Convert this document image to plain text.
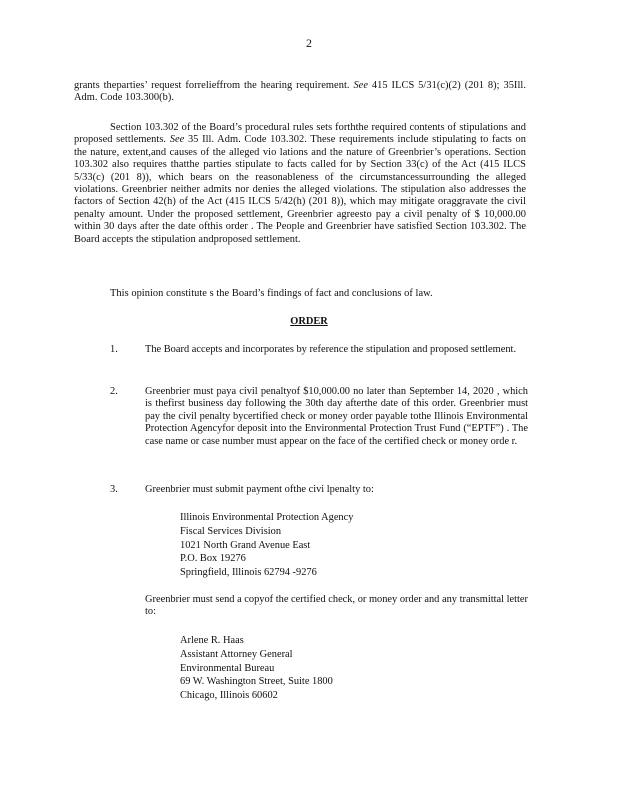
2
grants theparties’ request forrelieffrom the hearing requirement. See 415 ILCS 5/31(c)(2) (201 8); 35Ill. Adm. Code 103.300(b).
Section 103.302 of the Board’s procedural rules sets forththe required contents of stipulations and proposed settlements. See 35 Ill. Adm. Code 103.302. These requirements include stipulating to facts on the nature, extent,and causes of the alleged vio lations and the nature of Greenbrier’s operations. Section 103.302 also requires thatthe parties stipulate to facts called for by Section 33(c) of the Act (415 ILCS 5/33(c) (201 8)), which bears on the reasonableness of the circumstancessurrounding the alleged violations. Greenbrier neither admits nor denies the alleged violations. The stipulation also addresses the factors of Section 42(h) of the Act (415 ILCS 5/42(h) (201 8)), which may mitigate oraggravate the civil penalty amount. Under the proposed settlement, Greenbrier agreesto pay a civil penalty of $ 10,000.00 within 30 days after the date ofthis order . The People and Greenbrier have satisfied Section 103.302. The Board accepts the stipulation andproposed settlement.
This opinion constitute s the Board’s findings of fact and conclusions of law.
ORDER
1.	The Board accepts and incorporates by reference the stipulation and proposed settlement.
2.	Greenbrier must paya civil penaltyof $10,000.00 no later than September 14, 2020 , which is thefirst business day following the 30th day afterthe date of this order. Greenbrier must pay the civil penalty bycertified check or money order payable tothe Illinois Environmental Protection Agencyfor deposit into the Environmental Protection Trust Fund (“EPTF”) . The case name or case number must appear on the face of the certified check or money orde r.
3.	Greenbrier must submit payment ofthe civi lpenalty to:
Illinois Environmental Protection Agency
Fiscal Services Division
1021 North Grand Avenue East
P.O. Box 19276
Springfield, Illinois 62794 -9276
Greenbrier must send a copyof the certified check, or money order and any transmittal letter to:
Arlene R. Haas
Assistant Attorney General
Environmental Bureau
69 W. Washington Street, Suite 1800
Chicago, Illinois 60602
